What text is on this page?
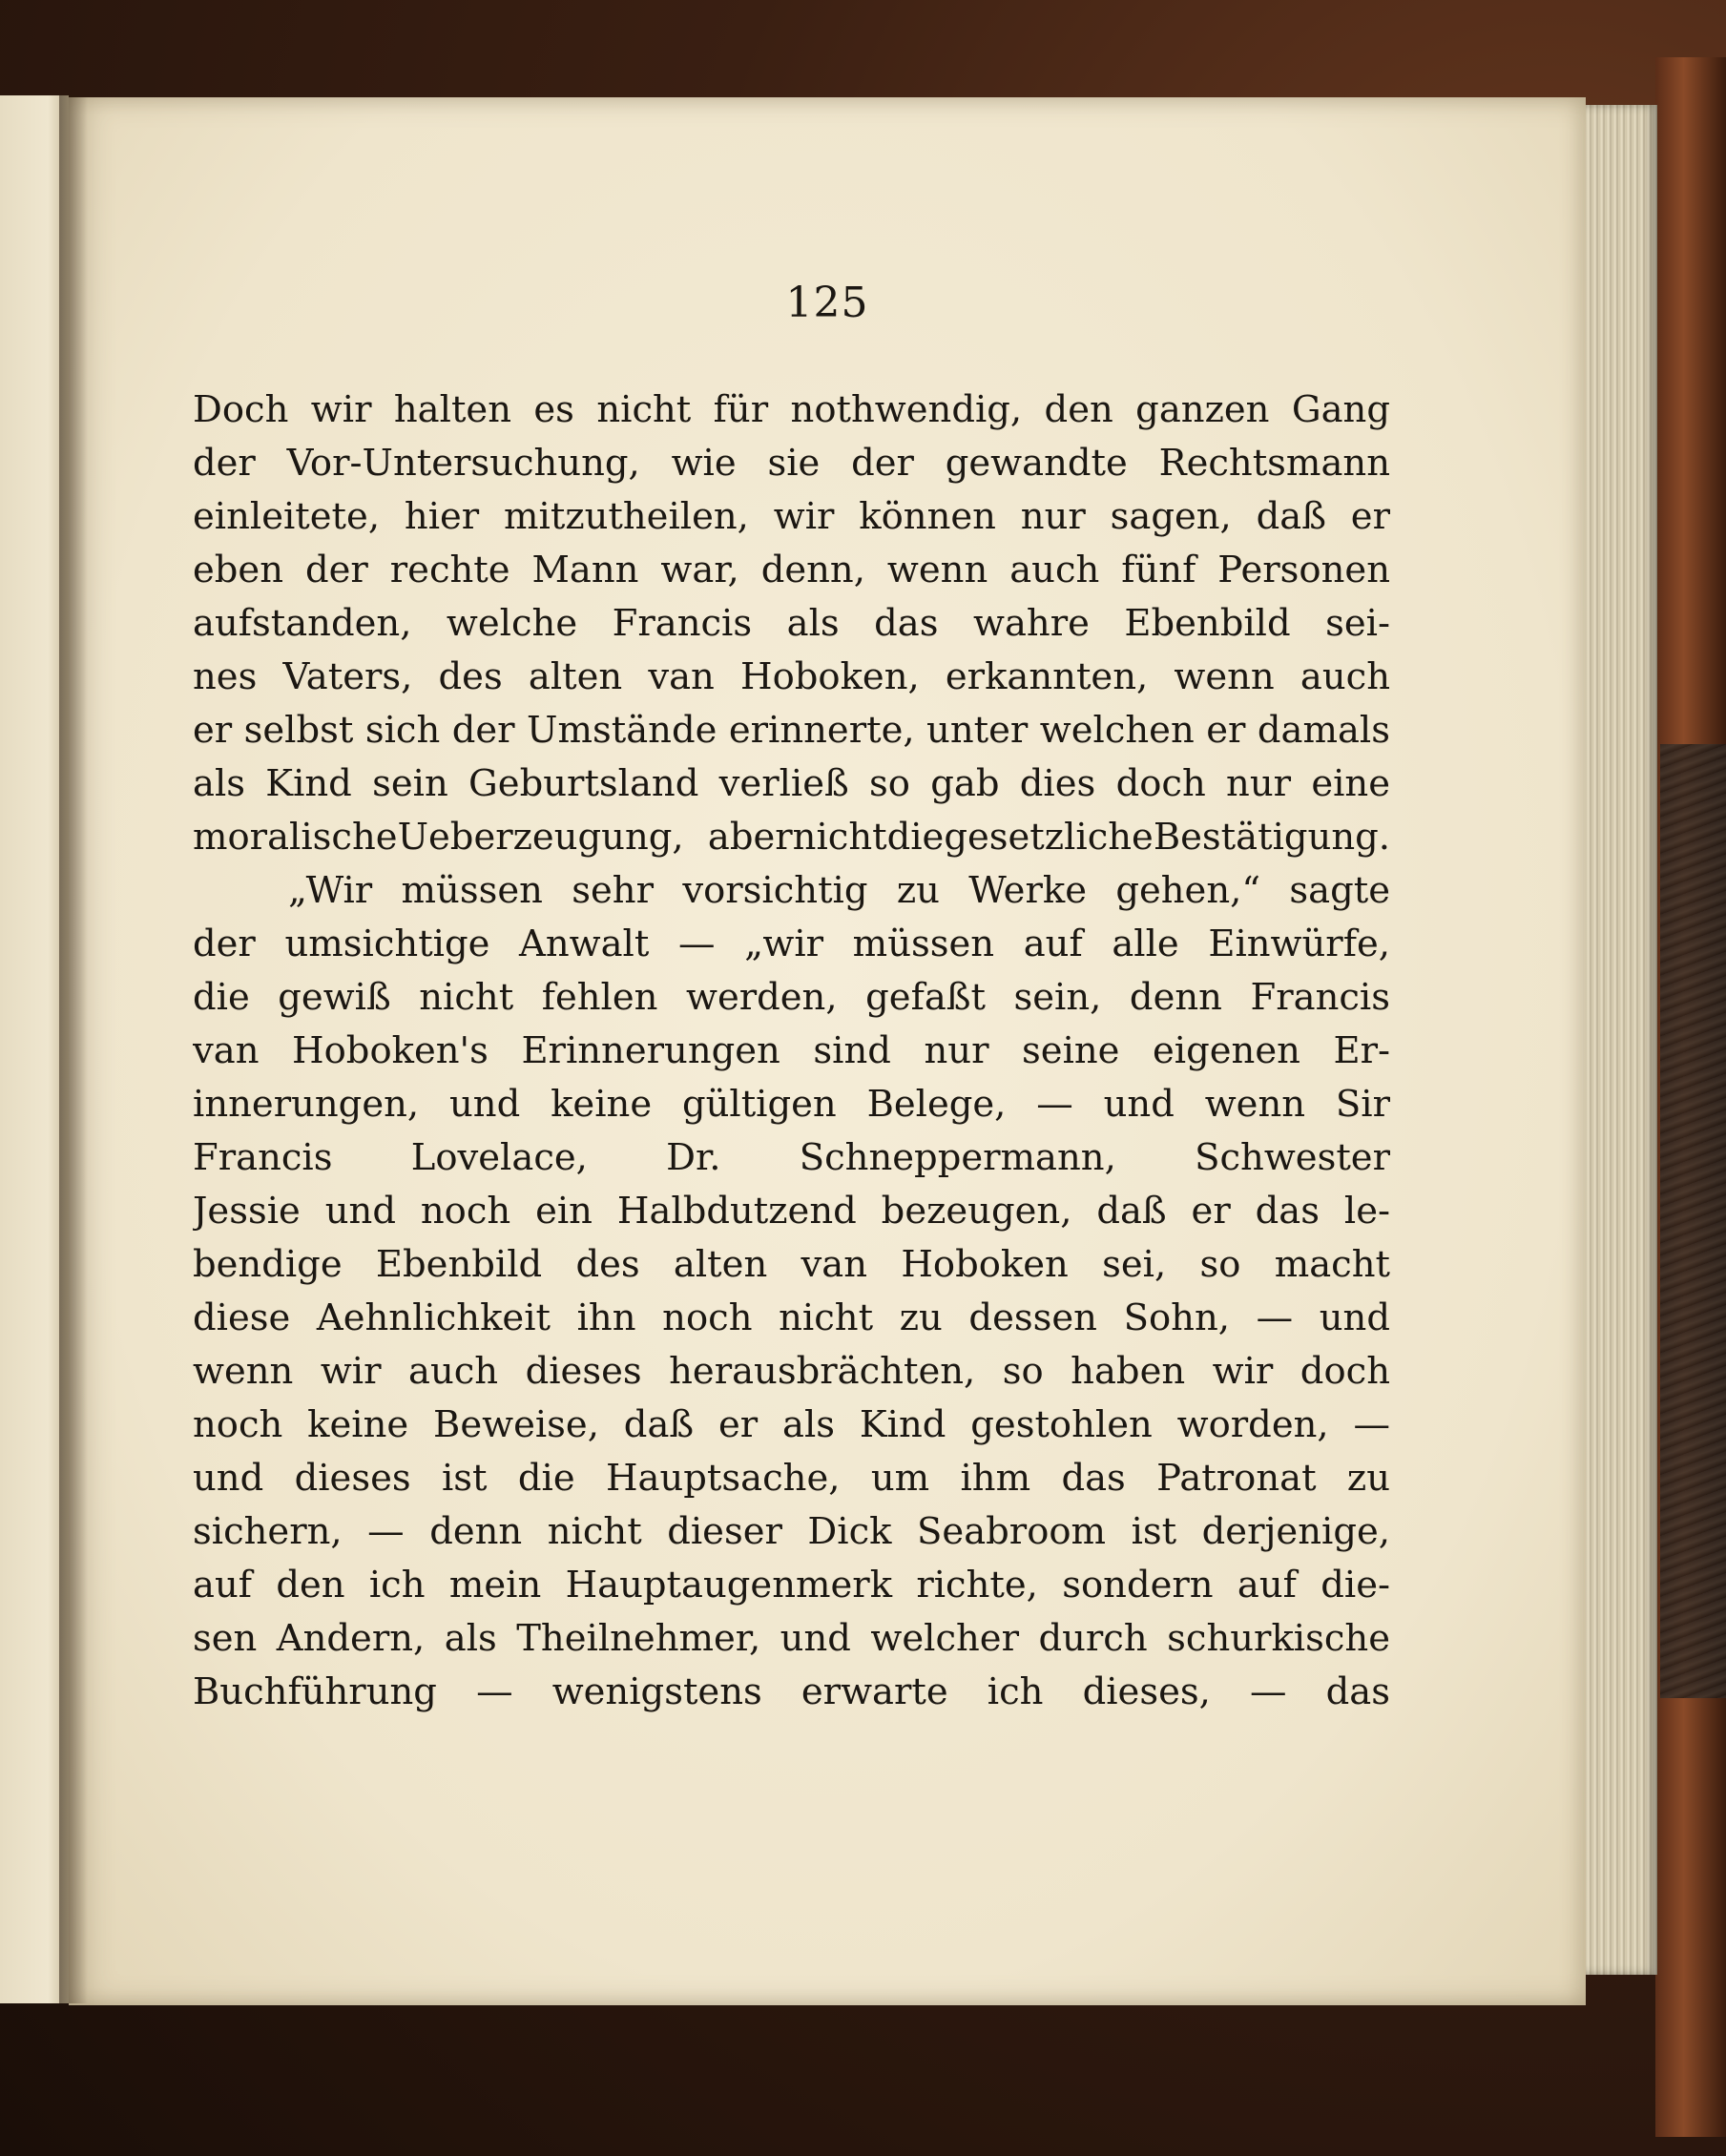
125
Doch wir halten es nicht für nothwendig, den ganzen Gang
der Vor-Untersuchung, wie sie der gewandte Rechtsmann
einleitete, hier mitzutheilen, wir können nur sagen, daß er
eben der rechte Mann war, denn, wenn auch fünf Personen
aufstanden, welche Francis als das wahre Ebenbild sei-
nes Vaters, des alten van Hoboken, erkannten, wenn auch
er selbst sich der Umstände erinnerte, unter welchen er damals
als Kind sein Geburtsland verließ so gab dies doch nur eine
moralischeUeberzeugung, abernichtdiegesetzlicheBestätigung.
„Wir müssen sehr vorsichtig zu Werke gehen,“ sagte
der umsichtige Anwalt — „wir müssen auf alle Einwürfe,
die gewiß nicht fehlen werden, gefaßt sein, denn Francis
van Hoboken's Erinnerungen sind nur seine eigenen Er-
innerungen, und keine gültigen Belege, — und wenn Sir
Francis Lovelace, Dr. Schneppermann, Schwester
Jessie und noch ein Halbdutzend bezeugen, daß er das le-
bendige Ebenbild des alten van Hoboken sei, so macht
diese Aehnlichkeit ihn noch nicht zu dessen Sohn, — und
wenn wir auch dieses herausbrächten, so haben wir doch
noch keine Beweise, daß er als Kind gestohlen worden, —
und dieses ist die Hauptsache, um ihm das Patronat zu
sichern, — denn nicht dieser Dick Seabroom ist derjenige,
auf den ich mein Hauptaugenmerk richte, sondern auf die-
sen Andern, als Theilnehmer, und welcher durch schurkische
Buchführung — wenigstens erwarte ich dieses, — das
